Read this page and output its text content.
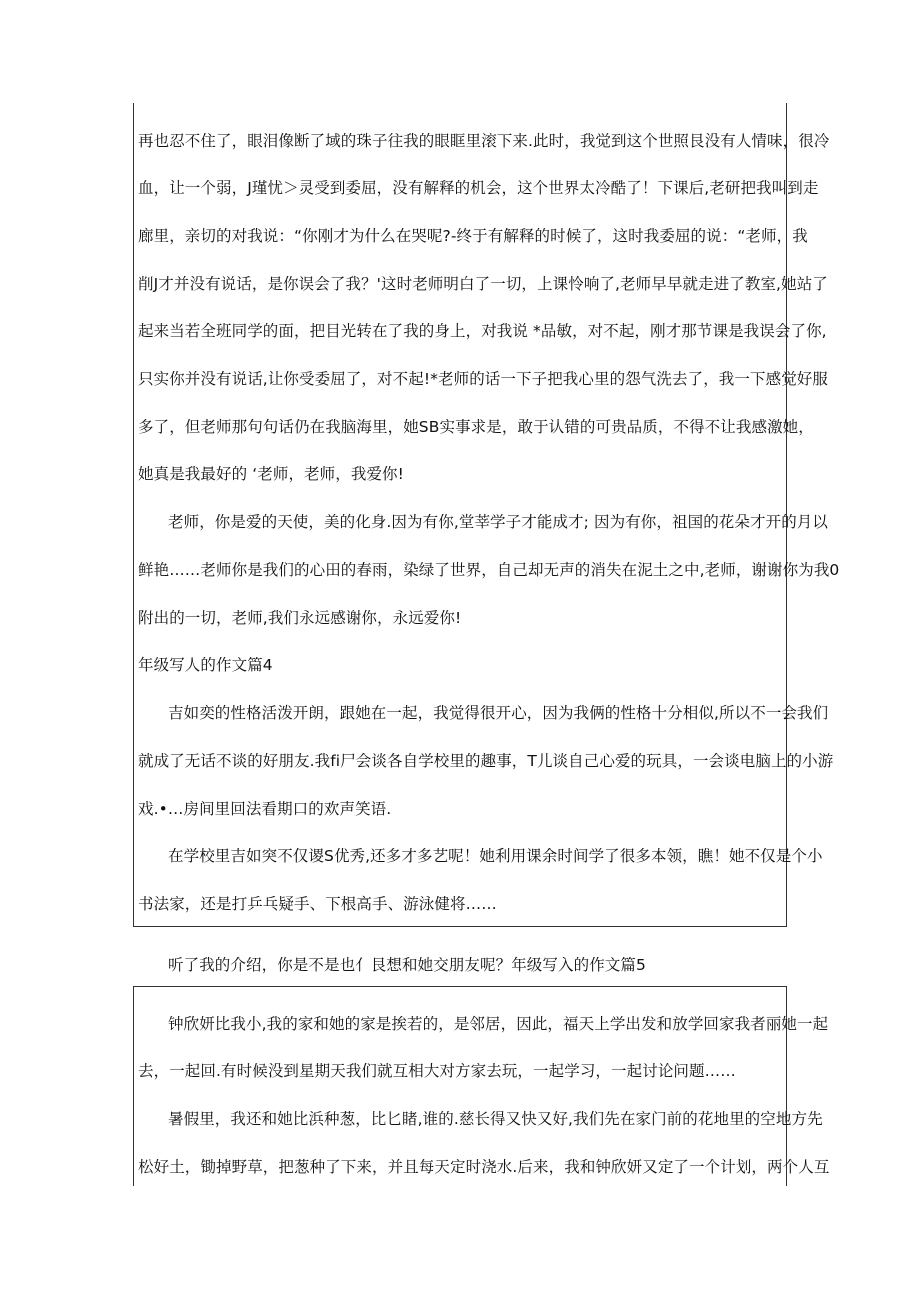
再也忍不住了，眼泪像断了域的珠子往我的眼眶里滚下来.此时，我觉到这个世照艮没有人情味，很冷
血，让一个弱，J瑾忧＞灵受到委屈，没有解释的机会，这个世界太冷酷了！下课后,老研把我叫到走
廊里，亲切的对我说：“你刚才为什么在哭呢?-终于有解释的时候了，这时我委屈的说：“老师，我
削J才并没有说话，是你误会了我？'这时老师明白了一切，上课怜响了,老师早早就走进了教室,她站了
起来当若全班同学的面，把目光转在了我的身上，对我说 *品敏，对不起，刚才那节课是我误会了你,
只实你并没有说话,让你受委屈了，对不起!*老师的话一下子把我心里的怨气洗去了，我一下感觉好服
多了，但老师那句句话仍在我脑海里，她SB实事求是，敢于认错的可贵品质，不得不让我感激她，
她真是我最好的 ‘老师，老师，我爱你!
老师，你是爱的天使，美的化身.因为有你,堂莘学子才能成才; 因为有你，祖国的花朵才开的月以
鲜艳……老师你是我们的心田的春雨，染绿了世界，自己却无声的消失在泥土之中,老师，谢谢你为我0
附出的一切，老师,我们永远感谢你，永远爱你!
年级写人的作文篇4
吉如奕的性格活泼开朗，跟她在一起，我觉得很开心，因为我俩的性格十分相似,所以不一会我们
就成了无话不谈的好朋友.我fi尸会谈各自学校里的趣事，T儿谈自己心爱的玩具，一会谈电脑上的小游
戏.•…房间里回法看期口的欢声笑语.
在学校里吉如突不仅谡S优秀,还多才多艺呢！她利用课余时间学了很多本领，瞧！她不仅是个小
书法家，还是打乒乓疑手、下根高手、游泳健将……
听了我的介绍，你是不是也亻艮想和她交朋友呢？年级写入的作文篇5
钟欣妍比我小,我的家和她的家是挨若的，是邻居，因此，福天上学出发和放学回家我者丽她一起
去，一起回.有时候没到星期天我们就互相大对方家去玩，一起学习，一起讨论问题……
暑假里，我还和她比浜种葱，比匕睹,谁的.慈长得又快又好,我们先在家门前的花地里的空地方先
松好土，锄掉野草，把葱种了下来，并且每天定时浇水.后来，我和钟欣妍又定了一个计划，两个人互
